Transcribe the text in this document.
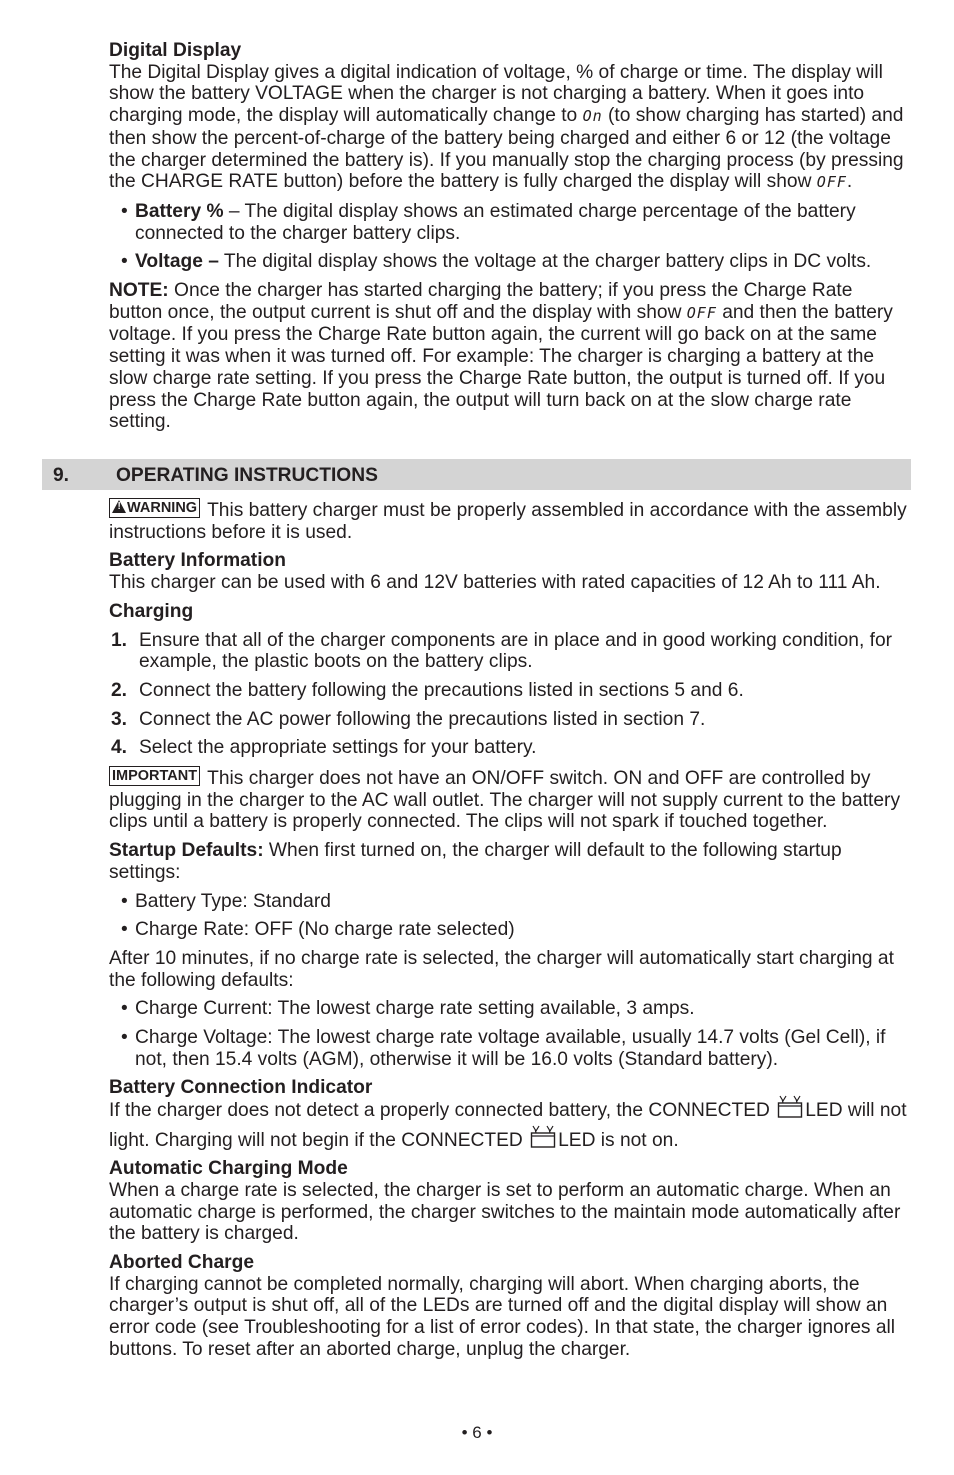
Digital Display

The Digital Display gives a digital indication of voltage, % of charge or time. The display will show the battery VOLTAGE when the charger is not charging a battery. When it goes into charging mode, the display will automatically change to On (to show charging has started) and then show the percent-of-charge of the battery being charged and either 6 or 12 (the voltage the charger determined the battery is). If you manually stop the charging process (by pressing the CHARGE RATE button) before the battery is fully charged the display will show OFF.

• Battery % – The digital display shows an estimated charge percentage of the battery connected to the charger battery clips.

• Voltage – The digital display shows the voltage at the charger battery clips in DC volts.

NOTE: Once the charger has started charging the battery; if you press the Charge Rate button once, the output current is shut off and the display with show OFF and then the battery voltage. If you press the Charge Rate button again, the current will go back on at the same setting it was when it was turned off. For example: The charger is charging a battery at the slow charge rate setting. If you press the Charge Rate button, the output is turned off. If you press the Charge Rate button again, the output will turn back on at the slow charge rate setting.

9. OPERATING INSTRUCTIONS

! WARNING This battery charger must be properly assembled in accordance with the assembly instructions before it is used.

Battery Information

This charger can be used with 6 and 12V batteries with rated capacities of 12 Ah to 111 Ah.

Charging

1. Ensure that all of the charger components are in place and in good working condition, for example, the plastic boots on the battery clips.

2. Connect the battery following the precautions listed in sections 5 and 6.

3. Connect the AC power following the precautions listed in section 7.

4. Select the appropriate settings for your battery.

IMPORTANT This charger does not have an ON/OFF switch. ON and OFF are controlled by plugging in the charger to the AC wall outlet. The charger will not supply current to the battery clips until a battery is properly connected. The clips will not spark if touched together.

Startup Defaults: When first turned on, the charger will default to the following startup settings:

• Battery Type: Standard

• Charge Rate: OFF (No charge rate selected)

After 10 minutes, if no charge rate is selected, the charger will automatically start charging at the following defaults:

• Charge Current: The lowest charge rate setting available, 3 amps.

• Charge Voltage: The lowest charge rate voltage available, usually 14.7 volts (Gel Cell), if not, then 15.4 volts (AGM), otherwise it will be 16.0 volts (Standard battery).

Battery Connection Indicator

If the charger does not detect a properly connected battery, the CONNECTED LED will not light. Charging will not begin if the CONNECTED LED is not on.

Automatic Charging Mode

When a charge rate is selected, the charger is set to perform an automatic charge. When an automatic charge is performed, the charger switches to the maintain mode automatically after the battery is charged.

Aborted Charge

If charging cannot be completed normally, charging will abort. When charging aborts, the charger’s output is shut off, all of the LEDs are turned off and the digital display will show an error code (see Troubleshooting for a list of error codes). In that state, the charger ignores all buttons. To reset after an aborted charge, unplug the charger.

• 6 •
